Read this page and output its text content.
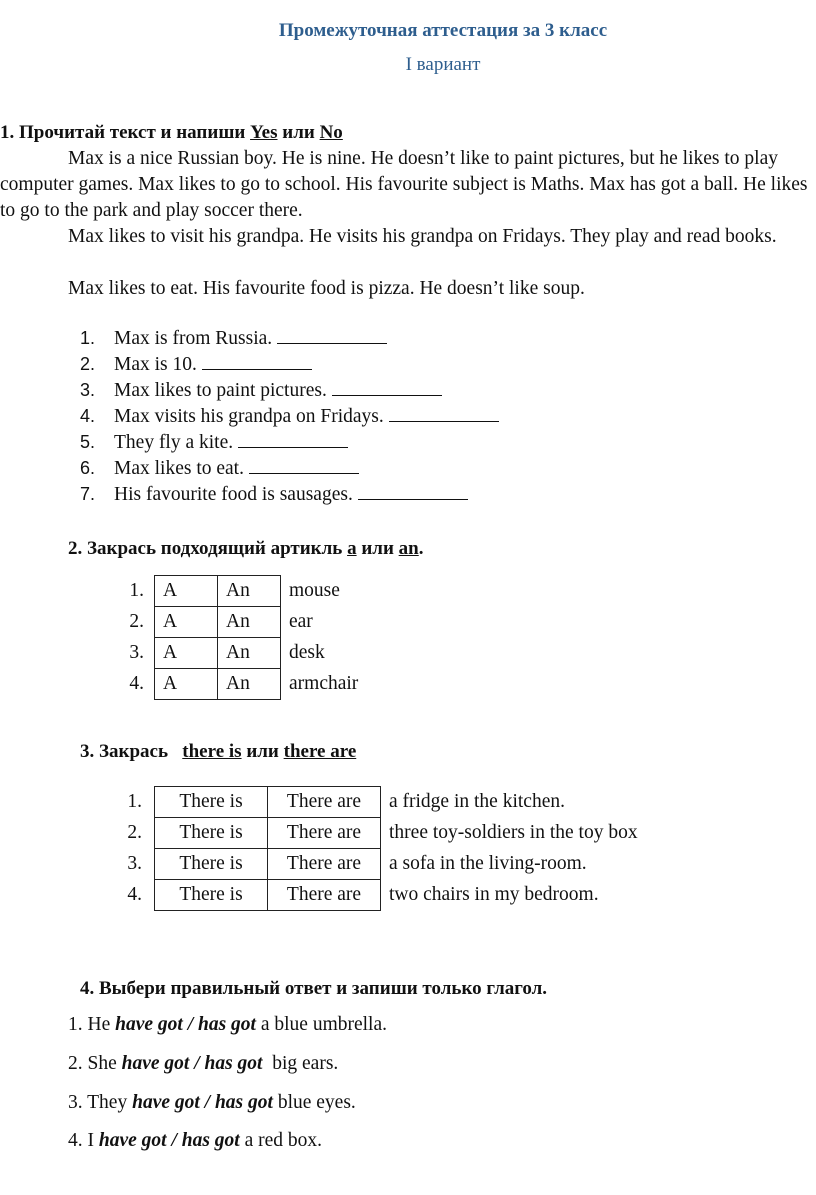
Промежуточная аттестация за 3 класс
I вариант
1. Прочитай текст и напиши Yes или No
Max is a nice Russian boy. He is nine. He doesn’t like to paint pictures, but he likes to play computer games. Max likes to go to school. His favourite subject is Maths. Max has got a ball. He likes to go to the park and play soccer there.
Max likes to visit his grandpa. He visits his grandpa on Fridays. They play and read books.
Max likes to eat. His favourite food is pizza. He doesn’t like soup.
1. Max is from Russia.
2. Max is 10.
3. Max likes to paint pictures.
4. Max visits his grandpa on Fridays.
5. They fly a kite.
6. Max likes to eat.
7. His favourite food is sausages.
2. Закрась подходящий артикль a или an.
1.	A	An	mouse
2.	A	An	ear
3.	A	An	desk
4.	A	An	armchair
3. Закрась   there is или there are
1.	There is	There are	a fridge in the kitchen.
2.	There is	There are	three toy-soldiers in the toy box
3.	There is	There are	a sofa in the living-room.
4.	There is	There are	two chairs in my bedroom.
4. Выбери правильный ответ и запиши только глагол.
1. He have got / has got a blue umbrella.
2. She have got / has got  big ears.
3. They have got / has got blue eyes.
4. I have got / has got a red box.
